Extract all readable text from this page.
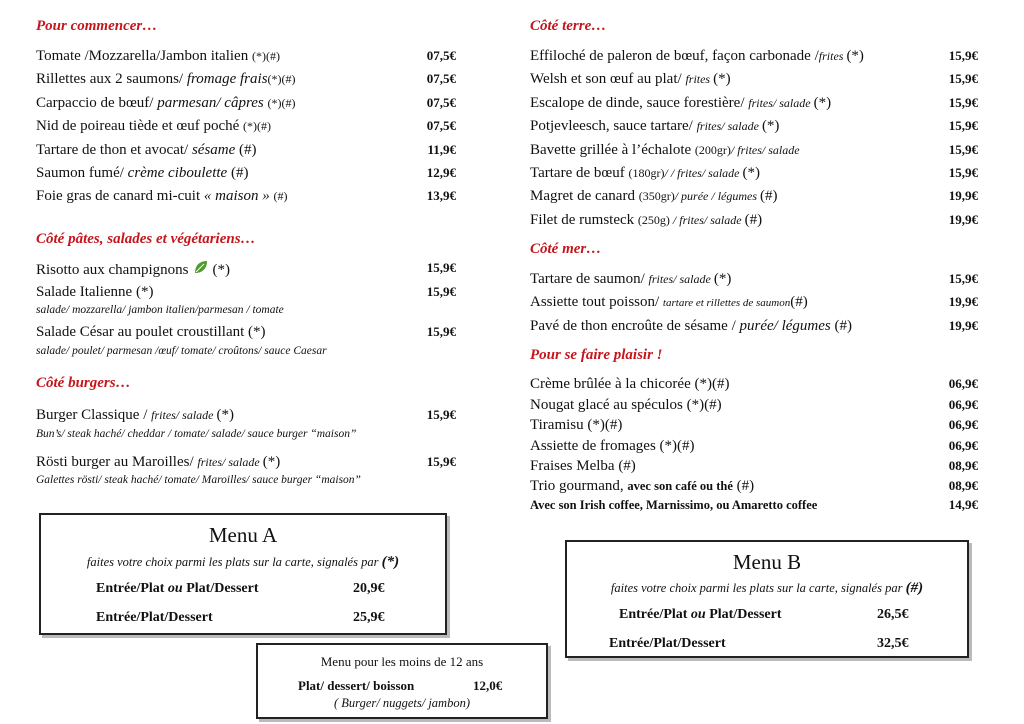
Pour commencer…
Tomate /Mozzarella/Jambon italien (*)(#)	07,5€
Rillettes aux 2 saumons/ fromage frais(*)(#)	07,5€
Carpaccio de bœuf/ parmesan/ câpres (*)(#)	07,5€
Nid de poireau tiède et œuf poché (*)(#)	07,5€
Tartare de thon et avocat/ sésame (#)	11,9€
Saumon fumé/ crème ciboulette (#)	12,9€
Foie gras de canard mi-cuit « maison » (#)	13,9€
Côté pâtes, salades et végétariens…
Risotto aux champignons (*)	15,9€
Salade Italienne (*)	15,9€
salade/ mozzarella/ jambon italien/parmesan / tomate
Salade César au poulet croustillant (*)	15,9€
salade/ poulet/ parmesan /œuf/ tomate/ croûtons/ sauce Caesar
Côté burgers…
Burger Classique / frites/ salade (*)	15,9€
Bun’s/ steak haché/ cheddar / tomate/ salade/ sauce burger “maison”
Rösti burger au Maroilles/ frites/ salade (*)	15,9€
Galettes rösti/ steak haché/ tomate/ Maroilles/ sauce burger “maison”
Côté terre…
Effiloché de paleron de bœuf, façon carbonade /frites (*)	15,9€
Welsh et son œuf au plat/ frites (*)	15,9€
Escalope de dinde, sauce forestière/ frites/ salade (*)	15,9€
Potjevleesch, sauce tartare/ frites/ salade (*)	15,9€
Bavette grillée à l’échalote (200gr)/ frites/ salade	15,9€
Tartare de bœuf (180gr)/ / frites/ salade (*)	15,9€
Magret de canard (350gr)/ purée / légumes (#)	19,9€
Filet de rumsteck (250g) / frites/ salade (#)	19,9€
Côté mer…
Tartare de saumon/ frites/ salade (*)	15,9€
Assiette tout poisson/ tartare et rillettes de saumon(#)	19,9€
Pavé de thon encroûte de sésame / purée/ légumes (#)	19,9€
Pour se faire plaisir !
Crème brûlée à la chicorée (*)(#)	06,9€
Nougat glacé au spéculos (*)(#)	06,9€
Tiramisu (*)(#)	06,9€
Assiette de fromages (*)(#)	06,9€
Fraises Melba (#)	08,9€
Trio gourmand, avec son café ou thé (#)	08,9€
Avec son Irish coffee, Marnissimo, ou Amaretto coffee	14,9€
Menu A
faites votre choix parmi les plats sur la carte, signalés par (*)
Entrée/Plat ou Plat/Dessert	20,9€
Entrée/Plat/Dessert	25,9€
Menu B
faites votre choix parmi les plats sur la carte, signalés par (#)
Entrée/Plat ou Plat/Dessert	26,5€
Entrée/Plat/Dessert	32,5€
Menu pour les moins de 12 ans
Plat/ dessert/ boisson	12,0€
( Burger/ nuggets/ jambon)
